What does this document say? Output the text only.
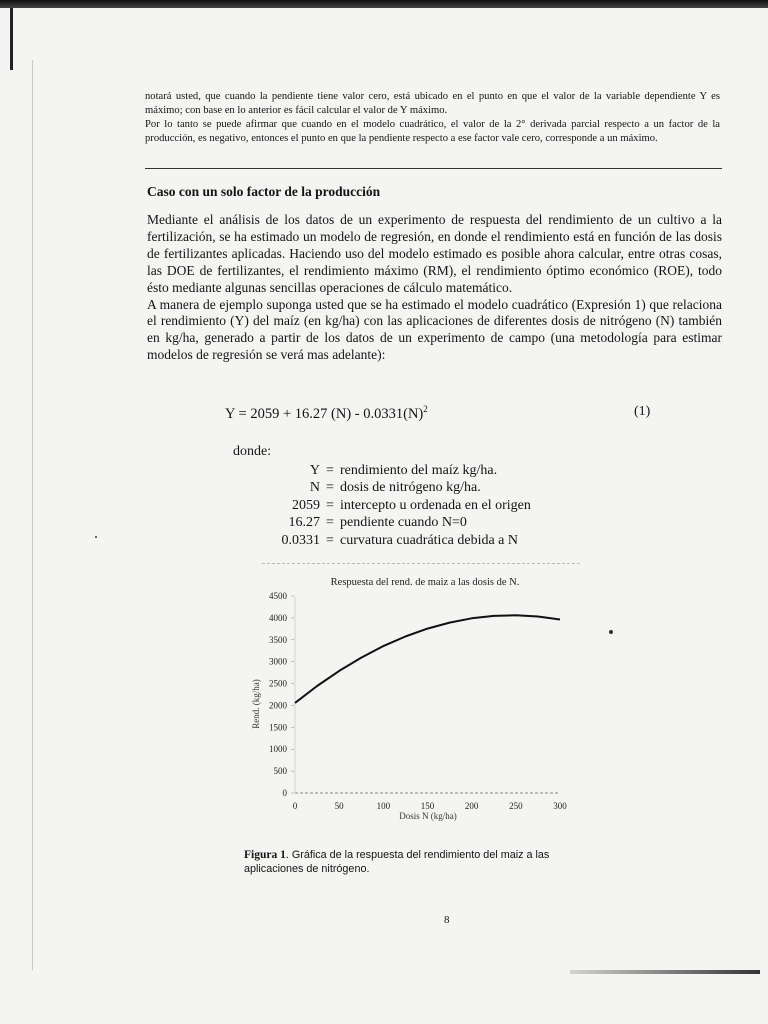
notará usted, que cuando la pendiente tiene valor cero, está ubicado en el punto en que el valor de la variable dependiente Y es máximo; con base en lo anterior es fácil calcular el valor de Y máximo.

Por lo tanto se puede afirmar que cuando en el modelo cuadrático, el valor de la 2° derivada parcial respecto a un factor de la producción, es negativo, entonces el punto en que la pendiente respecto a ese factor vale cero, corresponde a un máximo.

Caso con un solo factor de la producción

Mediante el análisis de los datos de un experimento de respuesta del rendimiento de un cultivo a la fertilización, se ha estimado un modelo de regresión, en donde el rendimiento está en función de las dosis de fertilizantes aplicadas. Haciendo uso del modelo estimado es posible ahora calcular, entre otras cosas, las DOE de fertilizantes, el rendimiento máximo (RM), el rendimiento óptimo económico (ROE), todo ésto mediante algunas sencillas operaciones de cálculo matemático.

A manera de ejemplo suponga usted que se ha estimado el modelo cuadrático (Expresión 1) que relaciona el rendimiento (Y) del maíz (en kg/ha) con las aplicaciones de diferentes dosis de nitrógeno (N) también en kg/ha, generado a partir de los datos de un experimento de campo (una metodología para estimar modelos de regresión se verá mas adelante):

Y = 2059 + 16.27 $(N) - 0.0331(N)^2$	(1)
donde:
Y = rendimiento del maíz kg/ha.
N = dosis de nitrógeno kg/ha.
2059 = intercepto u ordenada en el origen
16.27 = pendiente cuando N=0
0.0331 = curvatura cuadrática debida a N
Respuesta del rend. de maiz a las dosis de N.
Rend. (kg/ha)
Dosis N (kg/ha)
0
500
1000
1500
2000
2500
3000
3500
4000
4500
0	50	100	150	200	250	300
Figura 1. Gráfica de la respuesta del rendimiento del maiz a las aplicaciones de nitrógeno.
8
